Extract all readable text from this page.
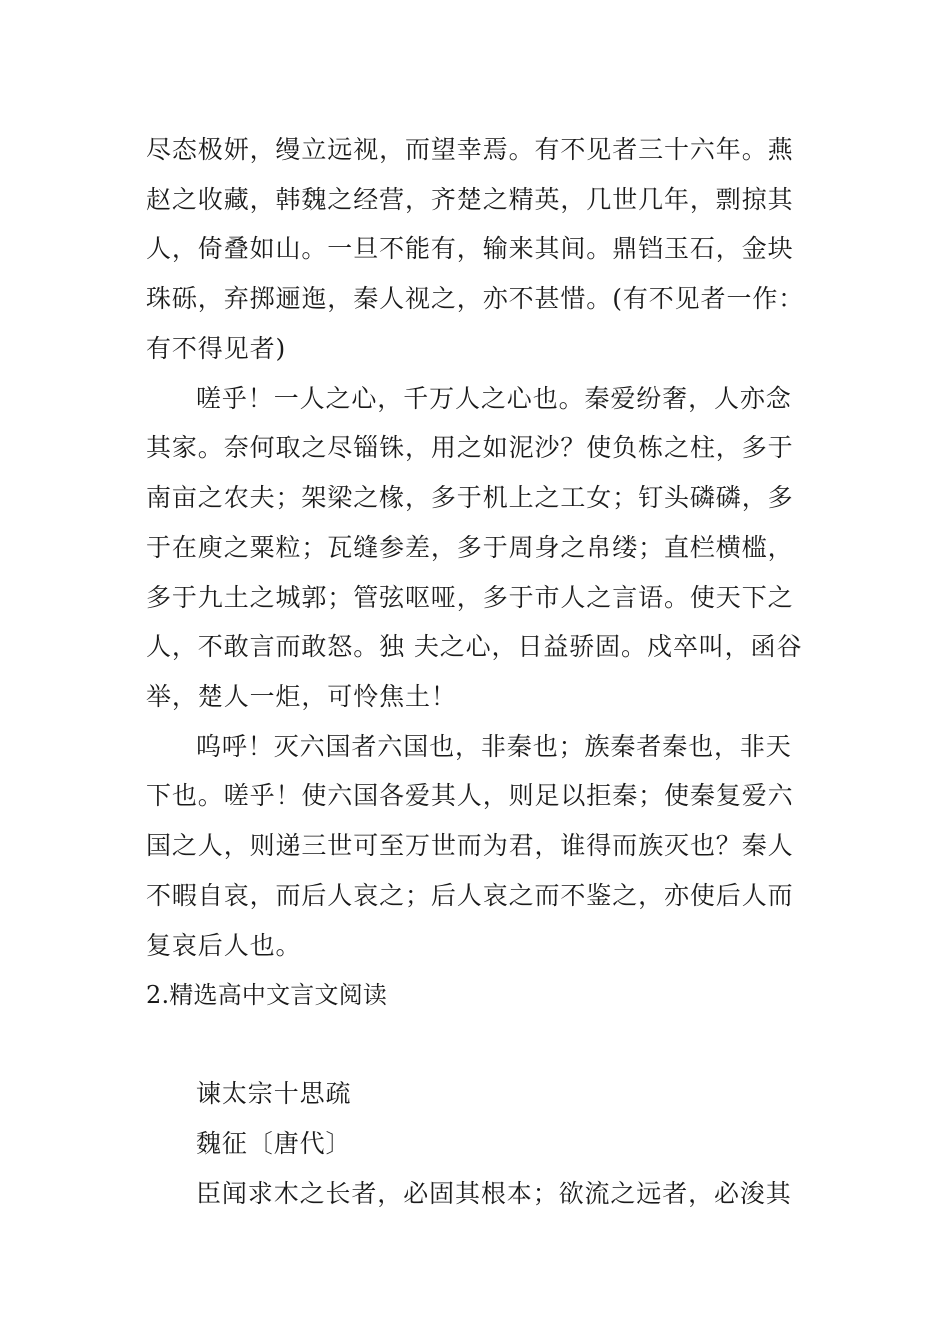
尽态极妍，缦立远视，而望幸焉。有不见者三十六年。燕
赵之收藏，韩魏之经营，齐楚之精英，几世几年，剽掠其
人，倚叠如山。一旦不能有，输来其间。鼎铛玉石，金块
珠砾，弃掷逦迤，秦人视之，亦不甚惜。(有不见者一作：
有不得见者)
嗟乎！一人之心，千万人之心也。秦爱纷奢，人亦念
其家。奈何取之尽锱铢，用之如泥沙？使负栋之柱，多于
南亩之农夫；架梁之椽，多于机上之工女；钉头磷磷，多
于在庾之粟粒；瓦缝参差，多于周身之帛缕；直栏横槛，
多于九土之城郭；管弦呕哑，多于市人之言语。使天下之
人，不敢言而敢怒。独 夫之心，日益骄固。戍卒叫，函谷
举，楚人一炬，可怜焦土！
呜呼！灭六国者六国也，非秦也；族秦者秦也，非天
下也。嗟乎！使六国各爱其人，则足以拒秦；使秦复爱六
国之人，则递三世可至万世而为君，谁得而族灭也？秦人
不暇自哀，而后人哀之；后人哀之而不鉴之，亦使后人而
复哀后人也。
2.精选高中文言文阅读
谏太宗十思疏
魏征〔唐代〕
臣闻求木之长者，必固其根本；欲流之远者，必浚其
